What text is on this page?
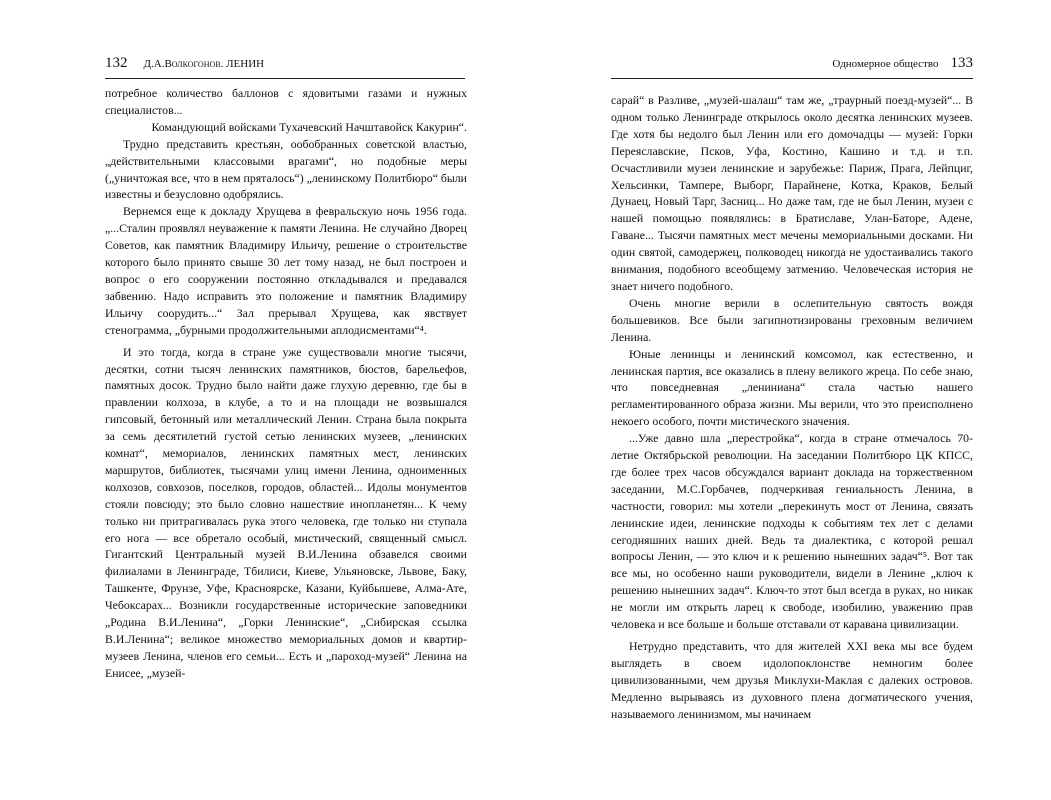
132 Д.А.Волкогонов. ЛЕНИН

потребное количество баллонов с ядовитыми газами и нужных специалистов...

Командующий войсками Тухачевский Начштавойск Какурин“.

Трудно представить крестьян, ообобранных советской властью, „действительными классовыми врагами“, но подобные меры („уничтожая все, что в нем пряталось“) „ленинскому Политбюро“ были известны и безусловно одобрялись.

Вернемся еще к докладу Хрущева в февральскую ночь 1956 года. „...Сталин проявлял неуважение к памяти Ленина. Не случайно Дворец Советов, как памятник Владимиру Ильичу, решение о строительстве которого было принято свыше 30 лет тому назад, не был построен и вопрос о его сооружении постоянно откладывался и предавался забвению. Надо исправить это положение и памятник Владимиру Ильичу соорудить...“ Зал прерывал Хрущева, как явствует стенограмма, „бурными продолжительными аплодисментами“⁴.

И это тогда, когда в стране уже существовали многие тысячи, десятки, сотни тысяч ленинских памятников, бюстов, барельефов, памятных досок. Трудно было найти даже глухую деревню, где бы в правлении колхоза, в клубе, а то и на площади не возвышался гипсовый, бетонный или металлический Ленин. Страна была покрыта за семь десятилетий густой сетью ленинских музеев, „ленинских комнат“, мемориалов, ленинских памятных мест, ленинских маршрутов, библиотек, тысячами улиц имени Ленина, одноименных колхозов, совхозов, поселков, городов, областей... Идолы монументов стояли повсюду; это было словно нашествие инопланетян... К чему только ни притрагивалась рука этого человека, где только ни ступала его нога — все обретало особый, мистический, священный смысл. Гигантский Центральный музей В.И.Ленина обзавелся своими филиалами в Ленинграде, Тбилиси, Киеве, Ульяновске, Львове, Баку, Ташкенте, Фрунзе, Уфе, Красноярске, Казани, Куйбышеве, Алма-Ате, Чебоксарах... Возникли государственные историческиe заповедники „Родина В.И.Ленина“, „Горки Ленинские“, „Сибирская ссылка В.И.Ленина“; великое множество мемориальных домов и квартир-музеев Ленина, членов его семьи... Есть и „пароход-музей“ Ленина на Енисее, „музей-

Одномерное общество 133

сарай“ в Разливе, „музей-шалаш“ там же, „траурный поезд-музей“... В одном только Ленинграде открылось около десятка ленинских музеев. Где хотя бы недолго был Ленин или его домочадцы — музей: Горки Переяславские, Псков, Уфа, Костино, Кашино и т.д. и т.п. Осчастливили музеи ленинские и зарубежье: Париж, Прага, Лейпциг, Хельсинки, Тампере, Выборг, Парайнене, Котка, Краков, Белый Дунаец, Новый Тарг, Засниц... Но даже там, где не был Ленин, музеи с нашей помощью появлялись: в Братиславе, Улан-Баторе, Адене, Гаване... Тысячи памятных мест мечены мемориальными досками. Ни один святой, самодержец, полководец никогда не удостаивались такого внимания, подобного всеобщему затмению. Человеческая история не знает ничего подобного.

Очень многие верили в ослепительную святость вождя большевиков. Все были загипнотизированы греховным величием Ленина.

Юные ленинцы и ленинский комсомол, как естественно, и ленинская партия, все оказались в плену великого жреца. По себе знаю, что повседневная „лениниана“ стала частью нашего регламентированного образа жизни. Мы верили, что это преисполнено некоего особого, почти мистического значения.

...Уже давно шла „перестройка“, когда в стране отмечалось 70-летие Октябрьской революции. На заседании Политбюро ЦК КПСС, где более трех часов обсуждался вариант доклада на торжественном заседании, М.С.Горбачев, подчеркивая гениальность Ленина, в частности, говорил: мы хотели „перекинуть мост от Ленина, связать ленинские идеи, ленинские подходы к событиям тех лет с делами сегодняшних наших дней. Ведь та диалектика, с которой решал вопросы Ленин, — это ключ и к решению нынешних задач“⁵. Вот так все мы, но особенно наши руководители, видели в Ленине „ключ к решению нынешних задач“. Ключ-то этот был всегда в руках, но никак не могли им открыть ларец к свободе, изобилию, уважению прав человека и все больше и больше отставали от каравана цивилизации.

Нетрудно представить, что для жителей XXI века мы все будем выглядеть в своем идолопоклонстве немногим более цивилизованными, чем друзья Миклухи-Маклая с далеких островов. Медленно вырываясь из духовного плена догматического учения, называемого ленинизмом, мы начинаем
